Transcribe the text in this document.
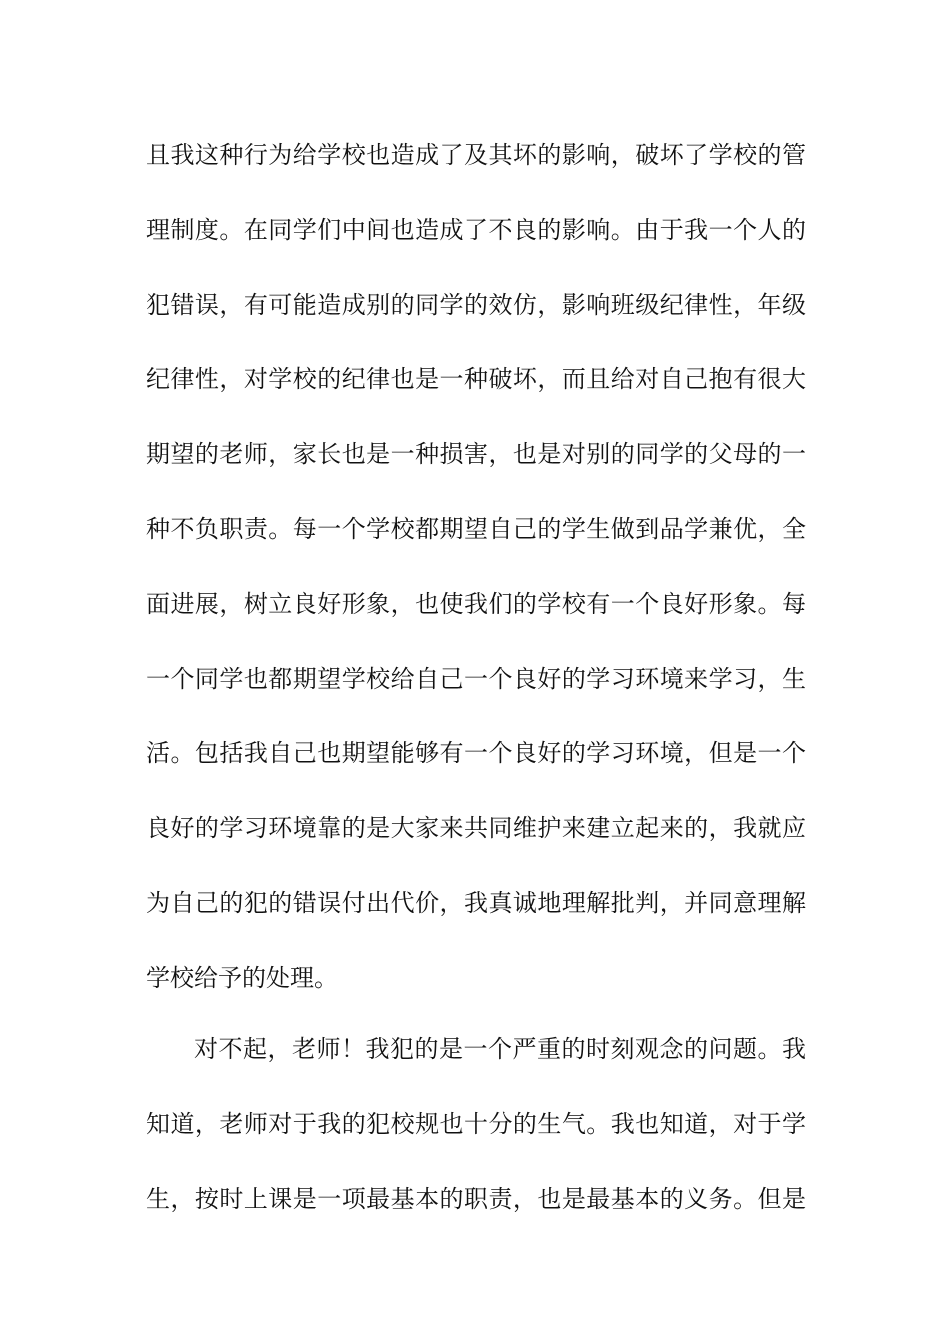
且我这种行为给学校也造成了及其坏的影响，破坏了学校的管
理制度。在同学们中间也造成了不良的影响。由于我一个人的
犯错误，有可能造成别的同学的效仿，影响班级纪律性，年级
纪律性，对学校的纪律也是一种破坏，而且给对自己抱有很大
期望的老师，家长也是一种损害，也是对别的同学的父母的一
种不负职责。每一个学校都期望自己的学生做到品学兼优，全
面进展，树立良好形象，也使我们的学校有一个良好形象。每
一个同学也都期望学校给自己一个良好的学习环境来学习，生
活。包括我自己也期望能够有一个良好的学习环境，但是一个
良好的学习环境靠的是大家来共同维护来建立起来的，我就应
为自己的犯的错误付出代价，我真诚地理解批判，并同意理解
学校给予的处理。
对不起，老师！我犯的是一个严重的时刻观念的问题。我
知道，老师对于我的犯校规也十分的生气。我也知道，对于学
生，按时上课是一项最基本的职责，也是最基本的义务。但是
